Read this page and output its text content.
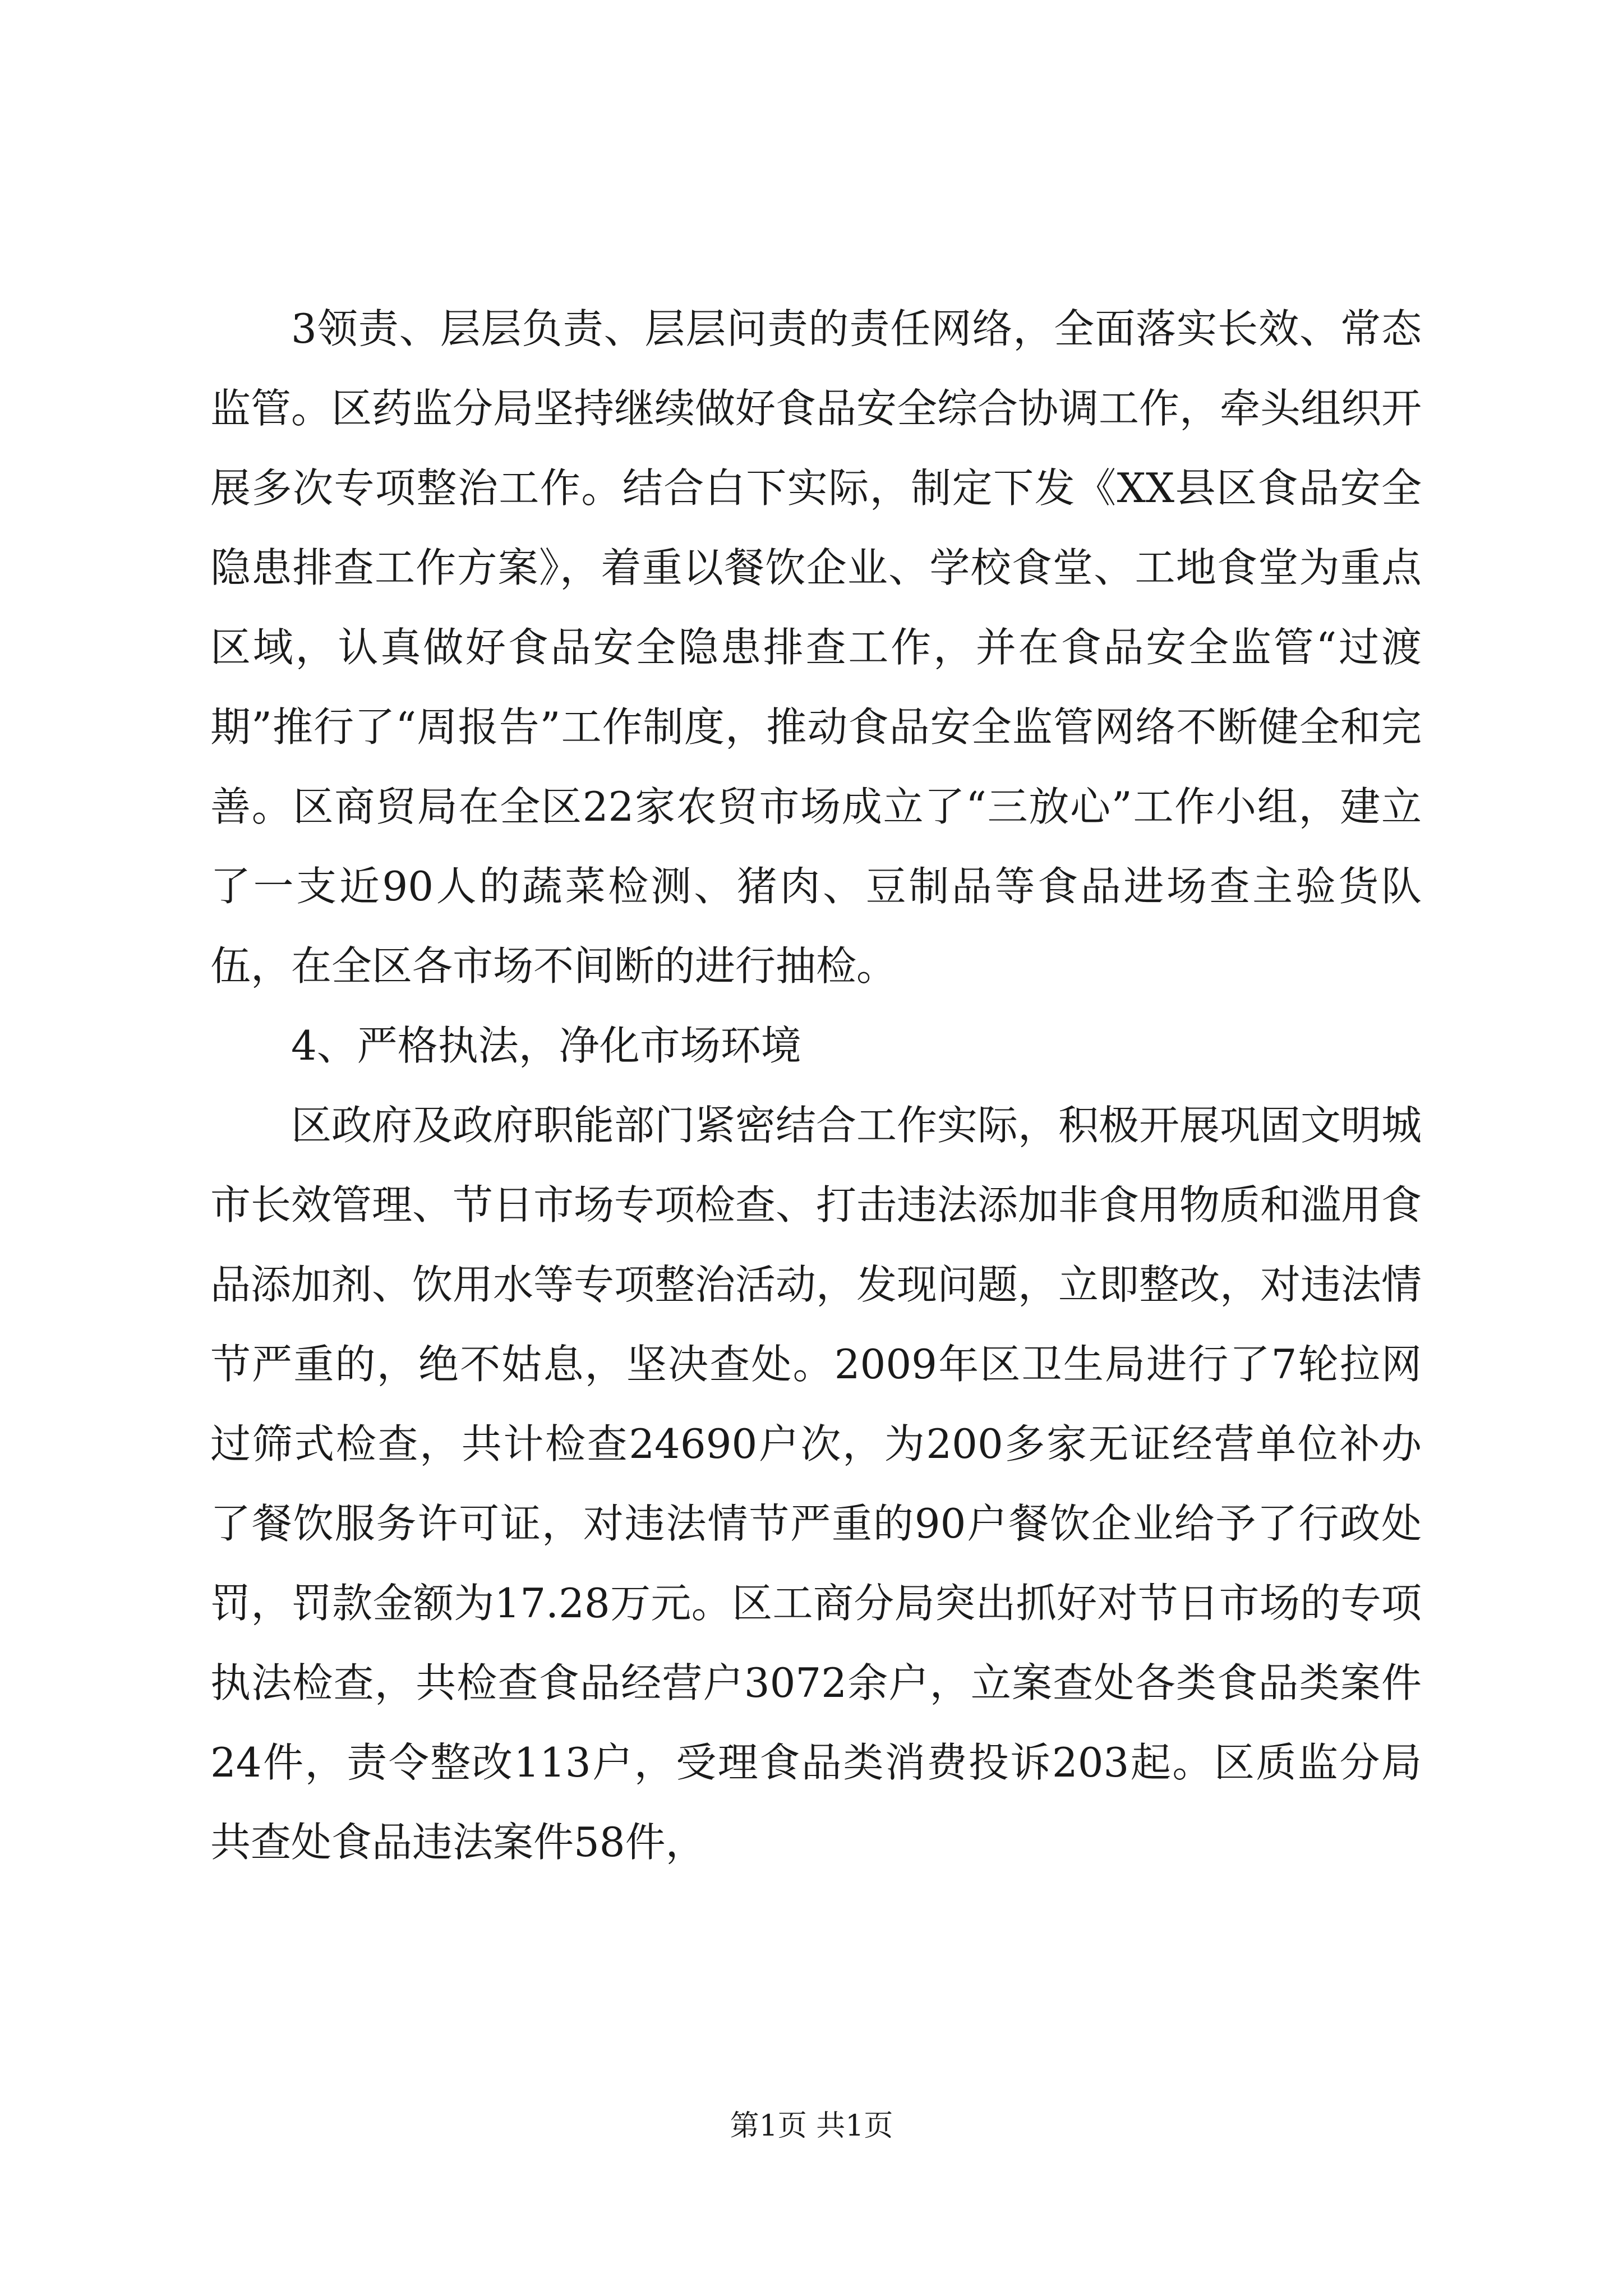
3领责、层层负责、层层问责的责任网络，全面落实长效、常态监管。区药监分局坚持继续做好食品安全综合协调工作，牵头组织开展多次专项整治工作。结合白下实际，制定下发《XX县区食品安全隐患排查工作方案》，着重以餐饮企业、学校食堂、工地食堂为重点区域，认真做好食品安全隐患排查工作，并在食品安全监管“过渡期”推行了“周报告”工作制度，推动食品安全监管网络不断健全和完善。区商贸局在全区22家农贸市场成立了“三放心”工作小组，建立了一支近90人的蔬菜检测、猪肉、豆制品等食品进场查主验货队伍，在全区各市场不间断的进行抽检。

4、严格执法，净化市场环境

区政府及政府职能部门紧密结合工作实际，积极开展巩固文明城市长效管理、节日市场专项检查、打击违法添加非食用物质和滥用食品添加剂、饮用水等专项整治活动，发现问题，立即整改，对违法情节严重的，绝不姑息，坚决查处。2009年区卫生局进行了7轮拉网过筛式检查，共计检查24690户次，为200多家无证经营单位补办了餐饮服务许可证，对违法情节严重的90户餐饮企业给予了行政处罚，罚款金额为17.28万元。区工商分局突出抓好对节日市场的专项执法检查，共检查食品经营户3072余户，立案查处各类食品类案件24件，责令整改113户，受理食品类消费投诉203起。区质监分局共查处食品违法案件58件，

第1页 共1页
